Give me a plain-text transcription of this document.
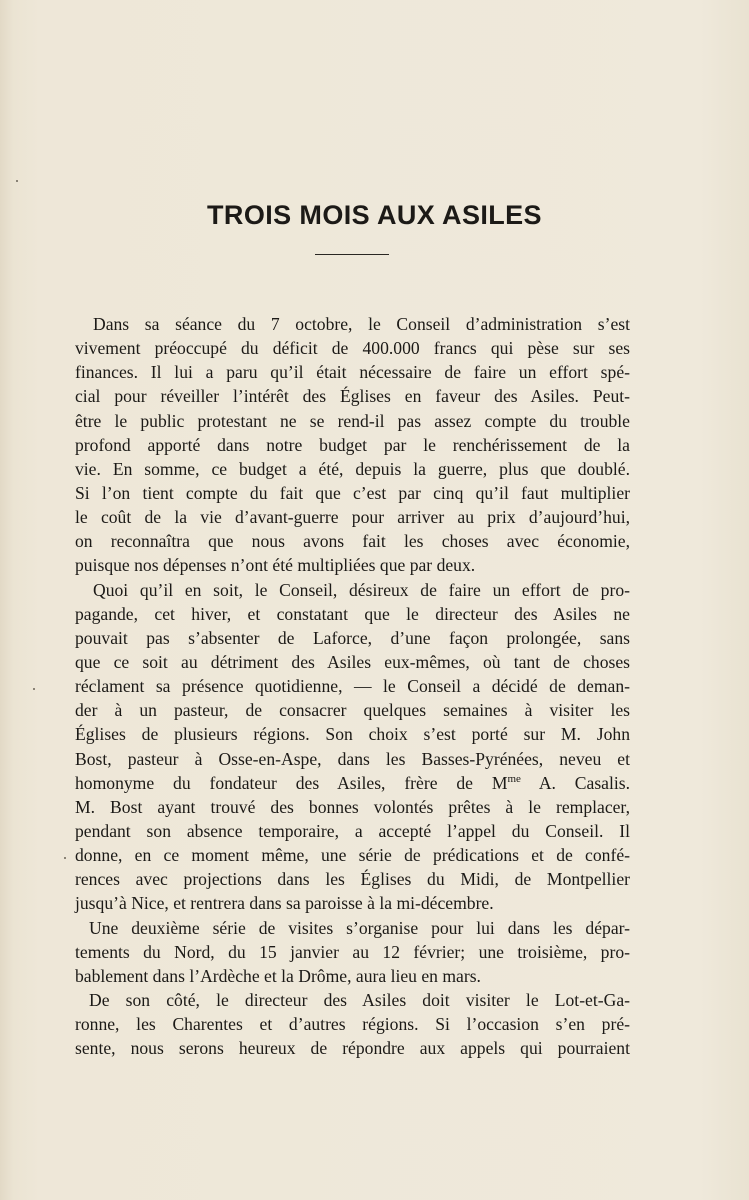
TROIS MOIS AUX ASILES
Dans sa séance du 7 octobre, le Conseil d’administration s’est
vivement préoccupé du déficit de 400.000 francs qui pèse sur ses
finances. Il lui a paru qu’il était nécessaire de faire un effort spé-
cial pour réveiller l’intérêt des Églises en faveur des Asiles. Peut-
être le public protestant ne se rend-il pas assez compte du trouble
profond apporté dans notre budget par le renchérissement de la
vie. En somme, ce budget a été, depuis la guerre, plus que doublé.
Si l’on tient compte du fait que c’est par cinq qu’il faut multiplier
le coût de la vie d’avant-guerre pour arriver au prix d’aujourd’hui,
on reconnaîtra que nous avons fait les choses avec économie,
puisque nos dépenses n’ont été multipliées que par deux.
Quoi qu’il en soit, le Conseil, désireux de faire un effort de pro-
pagande, cet hiver, et constatant que le directeur des Asiles ne
pouvait pas s’absenter de Laforce, d’une façon prolongée, sans
que ce soit au détriment des Asiles eux-mêmes, où tant de choses
réclament sa présence quotidienne, — le Conseil a décidé de deman-
der à un pasteur, de consacrer quelques semaines à visiter les
Églises de plusieurs régions. Son choix s’est porté sur M. John
Bost, pasteur à Osse-en-Aspe, dans les Basses-Pyrénées, neveu et
homonyme du fondateur des Asiles, frère de $M^{me}$ A. Casalis.
M. Bost ayant trouvé des bonnes volontés prêtes à le remplacer,
pendant son absence temporaire, a accepté l’appel du Conseil. Il
donne, en ce moment même, une série de prédications et de confé-
rences avec projections dans les Églises du Midi, de Montpellier
jusqu’à Nice, et rentrera dans sa paroisse à la mi-décembre.
Une deuxième série de visites s’organise pour lui dans les dépar-
tements du Nord, du 15 janvier au 12 février; une troisième, pro-
bablement dans l’Ardèche et la Drôme, aura lieu en mars.
De son côté, le directeur des Asiles doit visiter le Lot-et-Ga-
ronne, les Charentes et d’autres régions. Si l’occasion s’en pré-
sente, nous serons heureux de répondre aux appels qui pourraient
